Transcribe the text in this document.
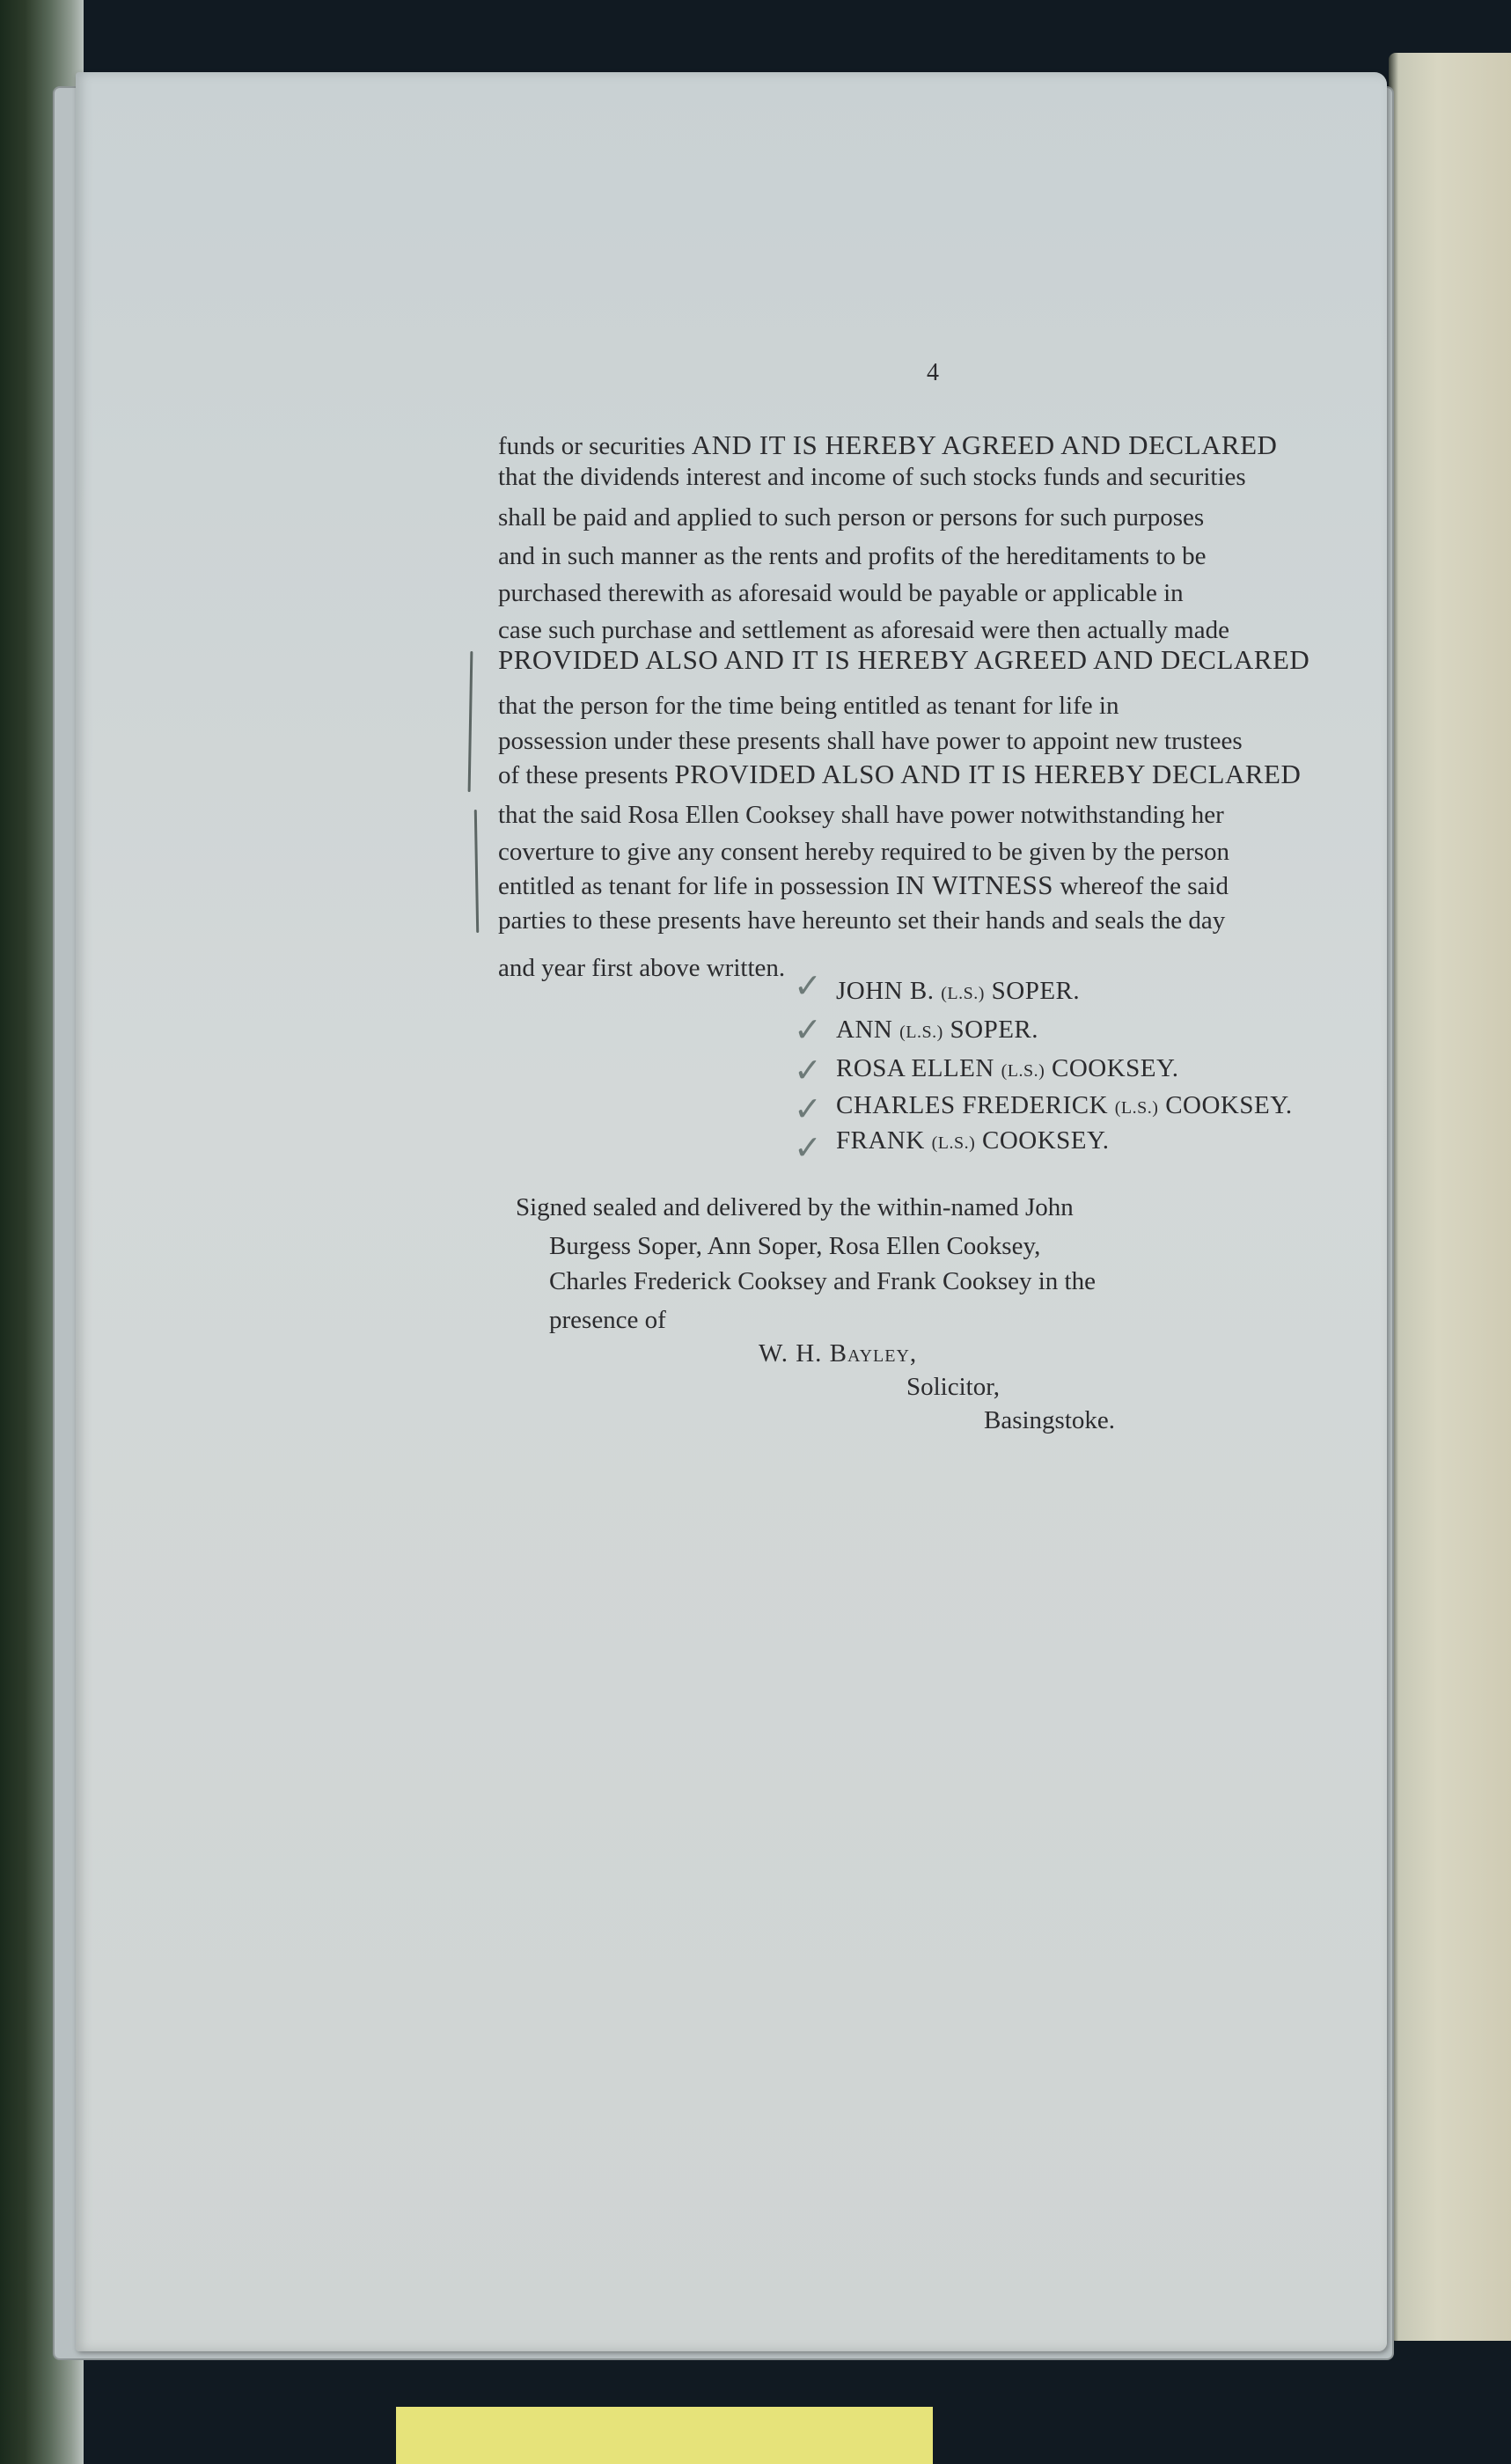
4
funds or securities AND IT IS HEREBY AGREED AND DECLARED
that the dividends interest and income of such stocks funds and securities
shall be paid and applied to such person or persons for such purposes
and in such manner as the rents and profits of the hereditaments to be
purchased therewith as aforesaid would be payable or applicable in
case such purchase and settlement as aforesaid were then actually made
PROVIDED ALSO AND IT IS HEREBY AGREED AND DECLARED
that the person for the time being entitled as tenant for life in
possession under these presents shall have power to appoint new trustees
of these presents PROVIDED ALSO AND IT IS HEREBY DECLARED
that the said Rosa Ellen Cooksey shall have power notwithstanding her
coverture to give any consent hereby required to be given by the person
entitled as tenant for life in possession IN WITNESS whereof the said
parties to these presents have hereunto set their hands and seals the day
and year first above written. ✓ JOHN B. (L.S.) SOPER.
✓ ANN (L.S.) SOPER.
✓ ROSA ELLEN (L.S.) COOKSEY.
✓ CHARLES FREDERICK (L.S.) COOKSEY.
✓ FRANK (L.S.) COOKSEY.
Signed sealed and delivered by the within-named John
Burgess Soper, Ann Soper, Rosa Ellen Cooksey,
Charles Frederick Cooksey and Frank Cooksey in the
presence of
W. H. Bayley,
Solicitor,
Basingstoke.
